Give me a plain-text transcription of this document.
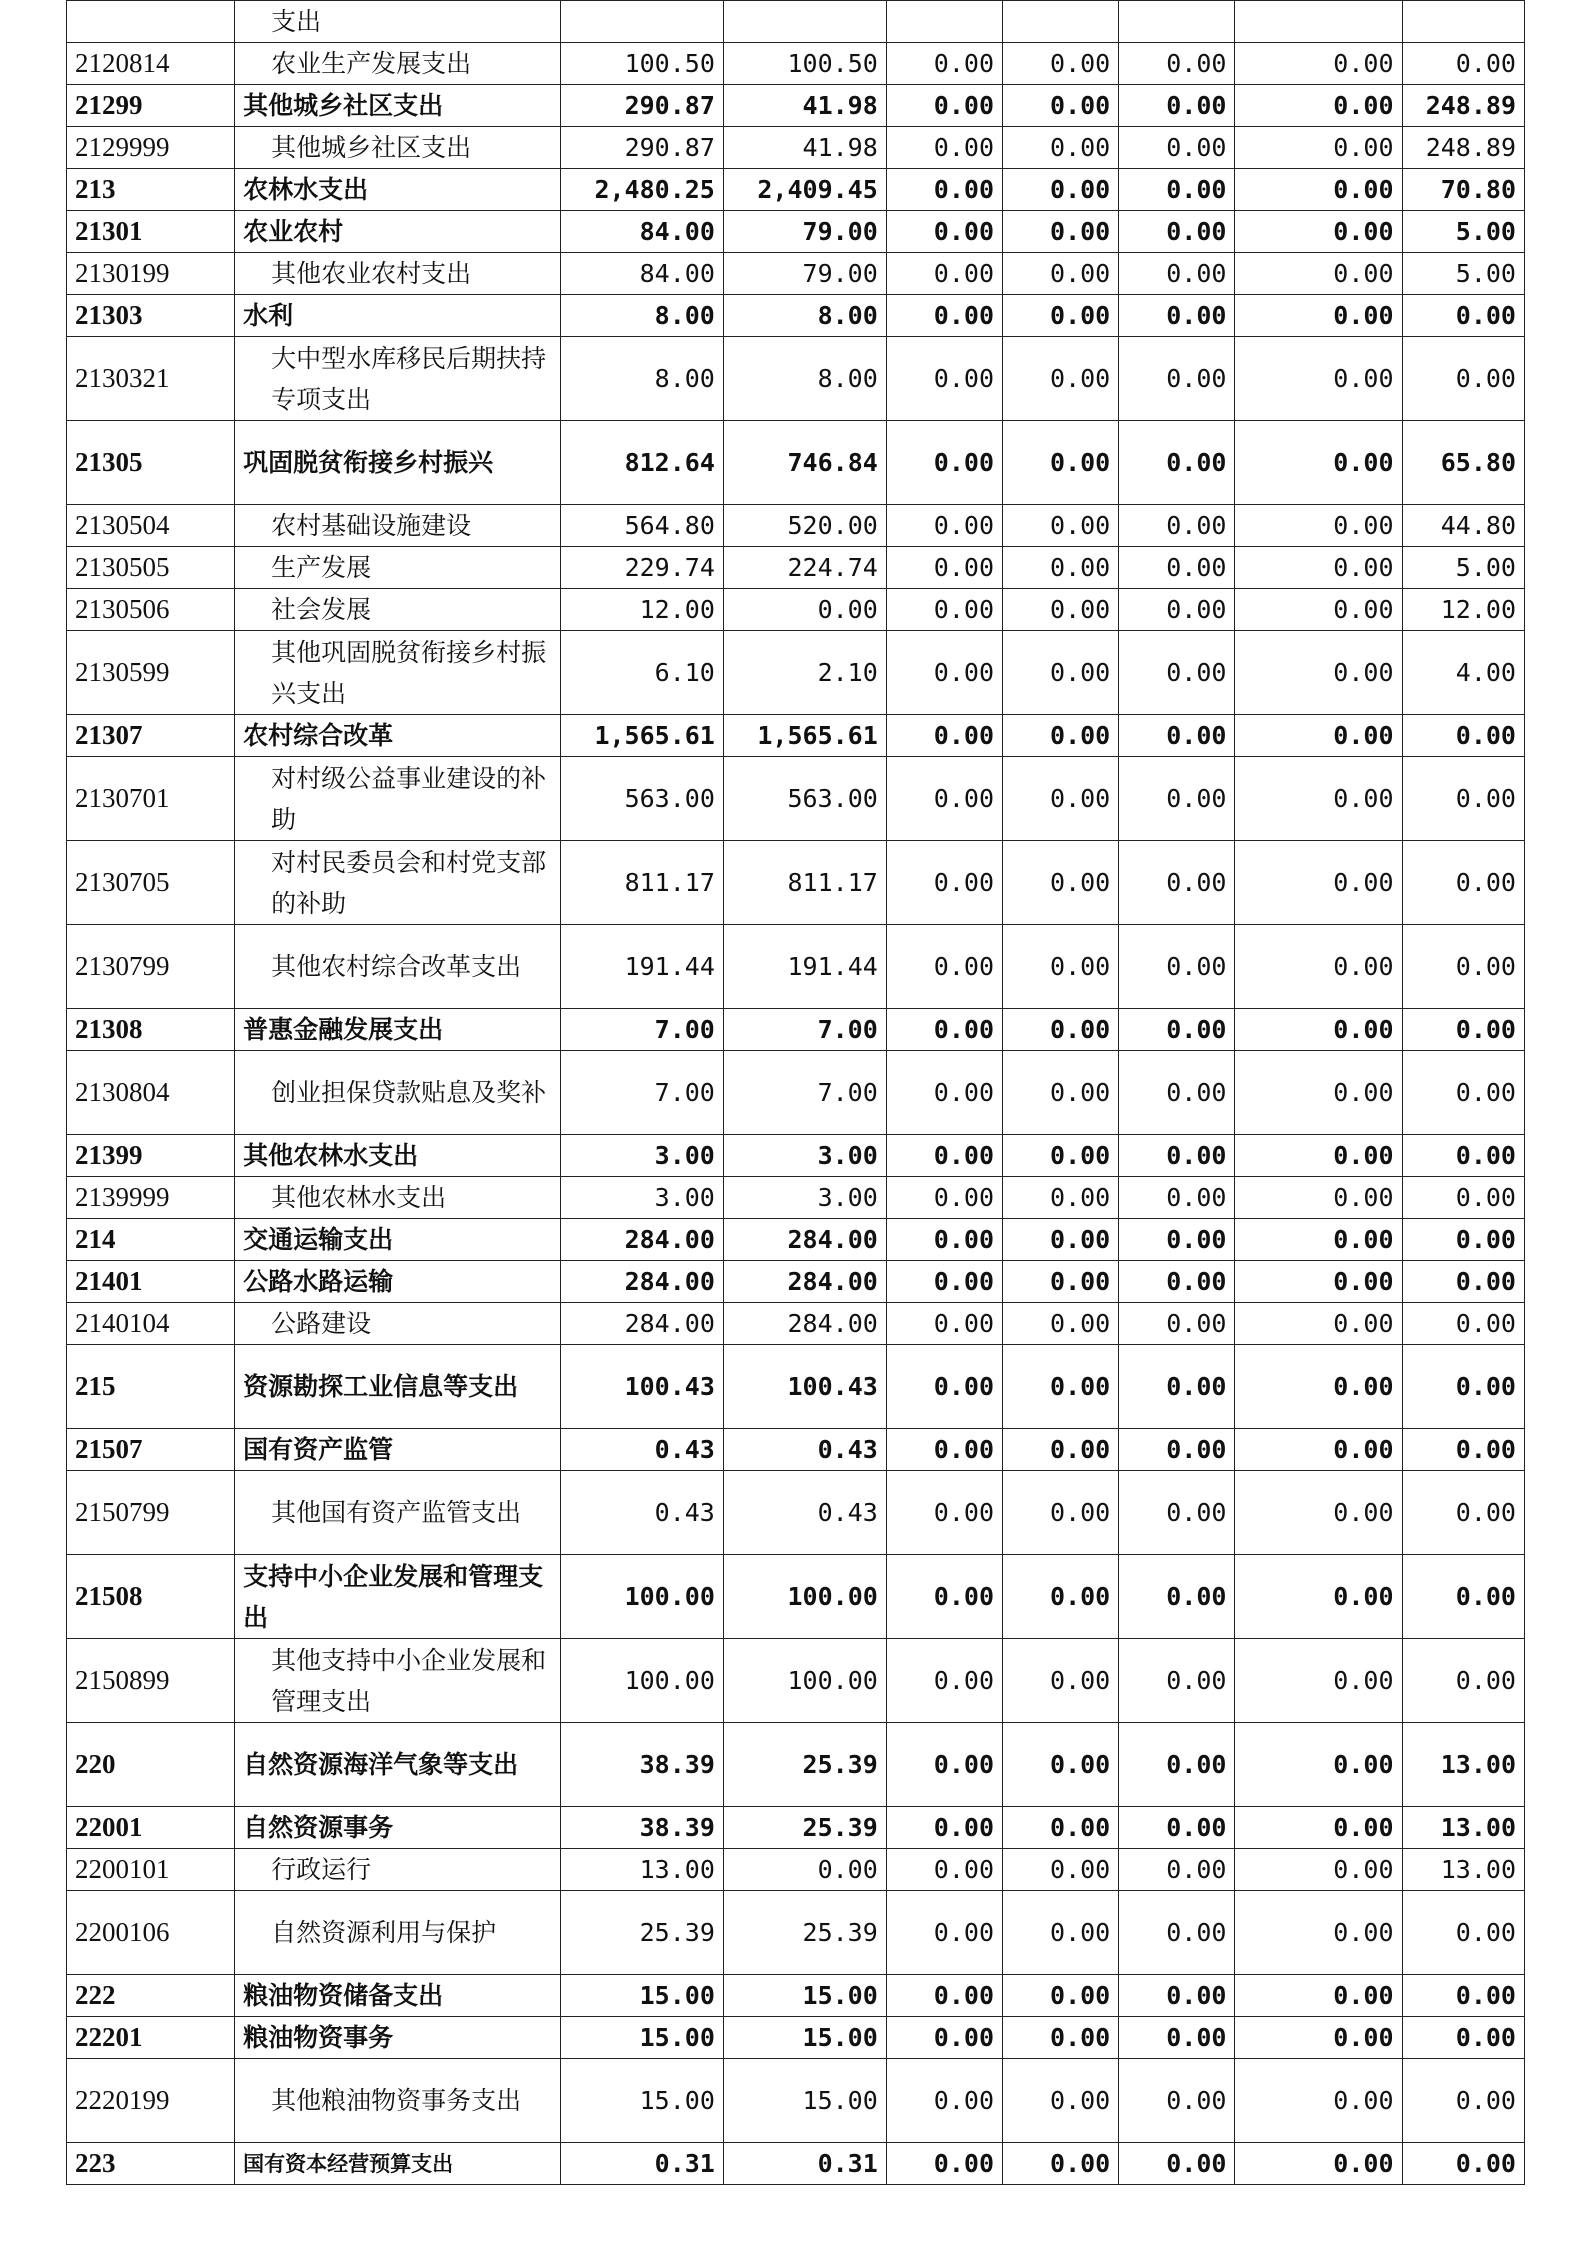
	支出							
2120814	农业生产发展支出	100.50	100.50	0.00	0.00	0.00	0.00	0.00
21299	其他城乡社区支出	290.87	41.98	0.00	0.00	0.00	0.00	248.89
2129999	其他城乡社区支出	290.87	41.98	0.00	0.00	0.00	0.00	248.89
213	农林水支出	2,480.25	2,409.45	0.00	0.00	0.00	0.00	70.80
21301	农业农村	84.00	79.00	0.00	0.00	0.00	0.00	5.00
2130199	其他农业农村支出	84.00	79.00	0.00	0.00	0.00	0.00	5.00
21303	水利	8.00	8.00	0.00	0.00	0.00	0.00	0.00
2130321	大中型水库移民后期扶持专项支出	8.00	8.00	0.00	0.00	0.00	0.00	0.00
21305	巩固脱贫衔接乡村振兴	812.64	746.84	0.00	0.00	0.00	0.00	65.80
2130504	农村基础设施建设	564.80	520.00	0.00	0.00	0.00	0.00	44.80
2130505	生产发展	229.74	224.74	0.00	0.00	0.00	0.00	5.00
2130506	社会发展	12.00	0.00	0.00	0.00	0.00	0.00	12.00
2130599	其他巩固脱贫衔接乡村振兴支出	6.10	2.10	0.00	0.00	0.00	0.00	4.00
21307	农村综合改革	1,565.61	1,565.61	0.00	0.00	0.00	0.00	0.00
2130701	对村级公益事业建设的补助	563.00	563.00	0.00	0.00	0.00	0.00	0.00
2130705	对村民委员会和村党支部的补助	811.17	811.17	0.00	0.00	0.00	0.00	0.00
2130799	其他农村综合改革支出	191.44	191.44	0.00	0.00	0.00	0.00	0.00
21308	普惠金融发展支出	7.00	7.00	0.00	0.00	0.00	0.00	0.00
2130804	创业担保贷款贴息及奖补	7.00	7.00	0.00	0.00	0.00	0.00	0.00
21399	其他农林水支出	3.00	3.00	0.00	0.00	0.00	0.00	0.00
2139999	其他农林水支出	3.00	3.00	0.00	0.00	0.00	0.00	0.00
214	交通运输支出	284.00	284.00	0.00	0.00	0.00	0.00	0.00
21401	公路水路运输	284.00	284.00	0.00	0.00	0.00	0.00	0.00
2140104	公路建设	284.00	284.00	0.00	0.00	0.00	0.00	0.00
215	资源勘探工业信息等支出	100.43	100.43	0.00	0.00	0.00	0.00	0.00
21507	国有资产监管	0.43	0.43	0.00	0.00	0.00	0.00	0.00
2150799	其他国有资产监管支出	0.43	0.43	0.00	0.00	0.00	0.00	0.00
21508	支持中小企业发展和管理支出	100.00	100.00	0.00	0.00	0.00	0.00	0.00
2150899	其他支持中小企业发展和管理支出	100.00	100.00	0.00	0.00	0.00	0.00	0.00
220	自然资源海洋气象等支出	38.39	25.39	0.00	0.00	0.00	0.00	13.00
22001	自然资源事务	38.39	25.39	0.00	0.00	0.00	0.00	13.00
2200101	行政运行	13.00	0.00	0.00	0.00	0.00	0.00	13.00
2200106	自然资源利用与保护	25.39	25.39	0.00	0.00	0.00	0.00	0.00
222	粮油物资储备支出	15.00	15.00	0.00	0.00	0.00	0.00	0.00
22201	粮油物资事务	15.00	15.00	0.00	0.00	0.00	0.00	0.00
2220199	其他粮油物资事务支出	15.00	15.00	0.00	0.00	0.00	0.00	0.00
223	国有资本经营预算支出	0.31	0.31	0.00	0.00	0.00	0.00	0.00
